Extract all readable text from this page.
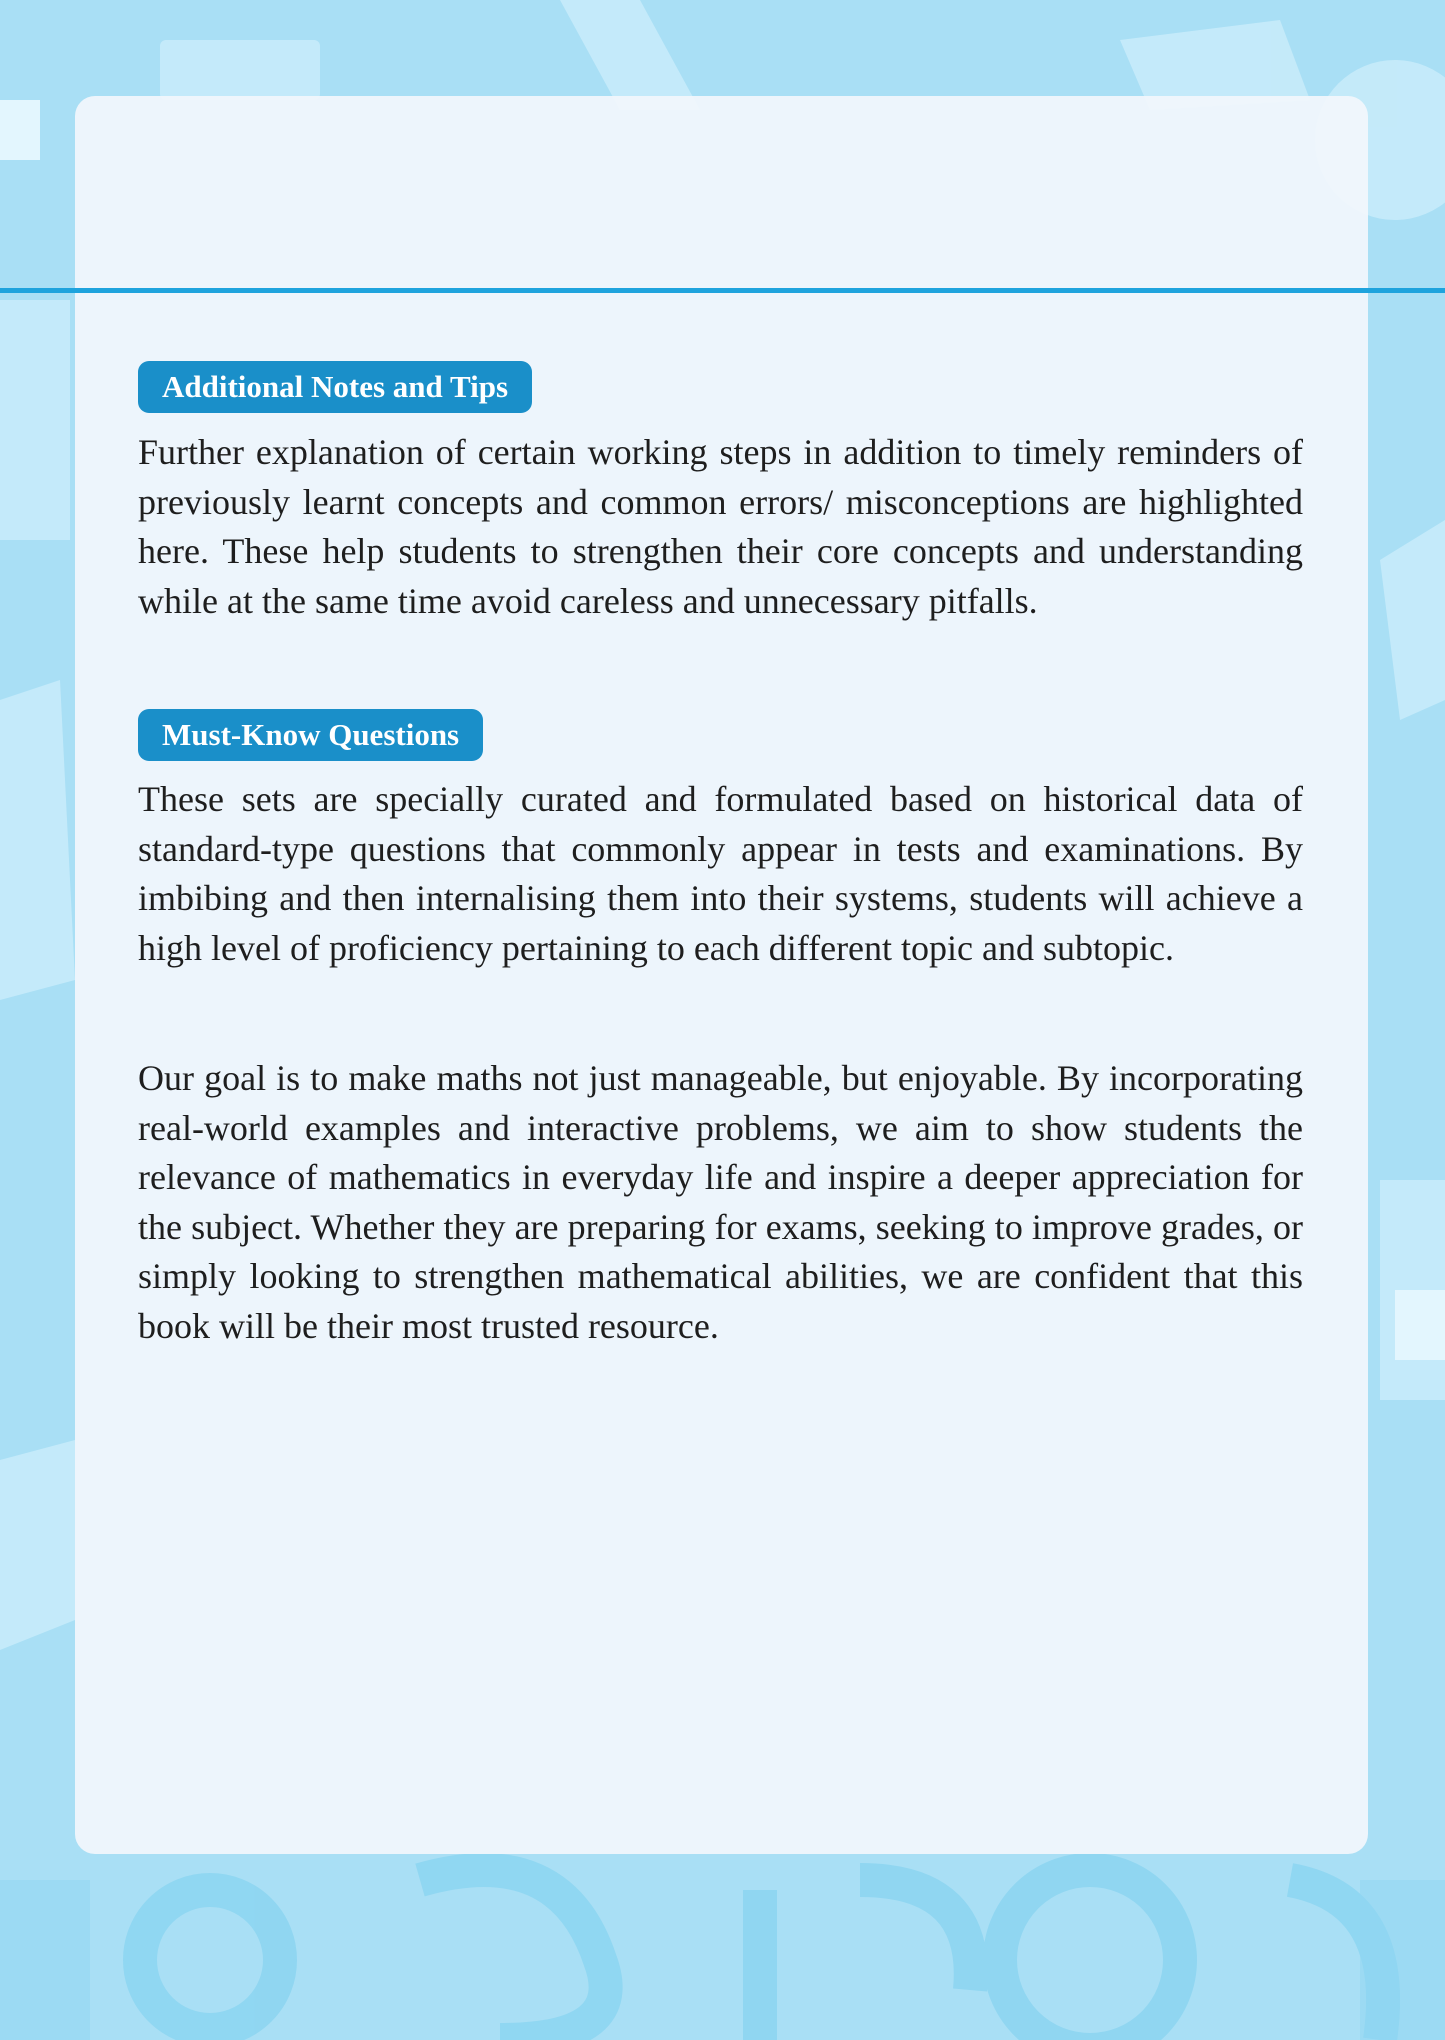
Additional Notes and Tips

Further explanation of certain working steps in addition to timely reminders of previously learnt concepts and common errors/ misconceptions are highlighted here. These help students to strengthen their core concepts and understanding while at the same time avoid careless and unnecessary pitfalls.

Must-Know Questions

These sets are specially curated and formulated based on historical data of standard-type questions that commonly appear in tests and examinations. By imbibing and then internalising them into their systems, students will achieve a high level of proficiency pertaining to each different topic and subtopic.

Our goal is to make maths not just manageable, but enjoyable. By incorporating real-world examples and interactive problems, we aim to show students the relevance of mathematics in everyday life and inspire a deeper appreciation for the subject. Whether they are preparing for exams, seeking to improve grades, or simply looking to strengthen mathematical abilities, we are confident that this book will be their most trusted resource.
